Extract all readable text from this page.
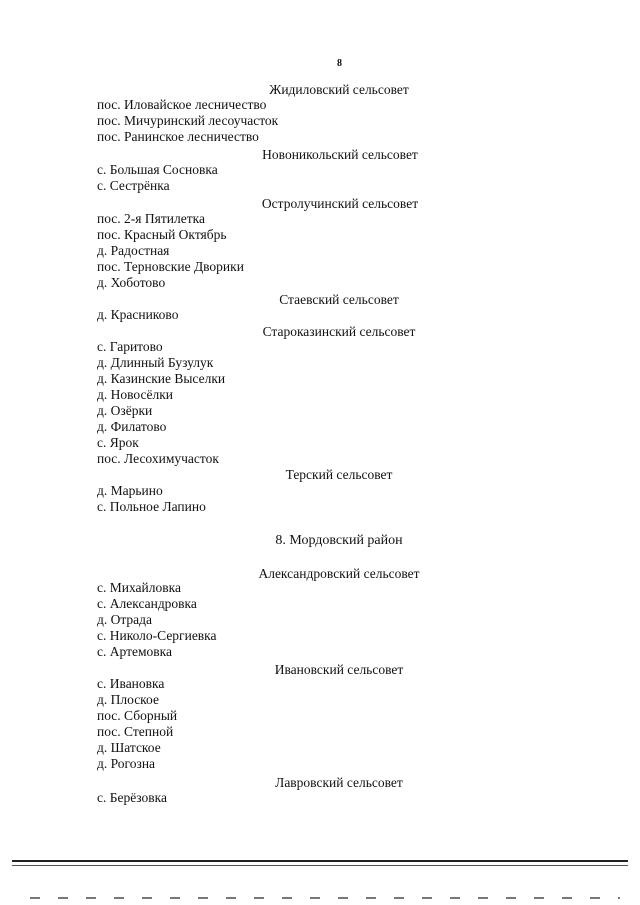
8
Жидиловский сельсовет
пос. Иловайское лесничество
пос. Мичуринский лесоучасток
пос. Ранинское лесничество
Новоникольский сельсовет
с. Большая Сосновка
с. Сестрёнка
Остролучинский сельсовет
пос. 2-я Пятилетка
пос. Красный Октябрь
д. Радостная
пос. Терновские Дворики
д. Хоботово
Стаевский сельсовет
д. Красниково
Староказинский сельсовет
с. Гаритово
д. Длинный Бузулук
д. Казинские Выселки
д. Новосёлки
д. Озёрки
д. Филатово
с. Ярок
пос. Лесохимучасток
Терский сельсовет
д. Марьино
с. Польное Лапино
8. Мордовский район
Александровский сельсовет
с. Михайловка
с. Александровка
д. Отрада
с. Николо-Сергиевка
с. Артемовка
Ивановский сельсовет
с. Ивановка
д. Плоское
пос. Сборный
пос. Степной
д. Шатское
д. Рогозна
Лавровский сельсовет
с. Берёзовка
